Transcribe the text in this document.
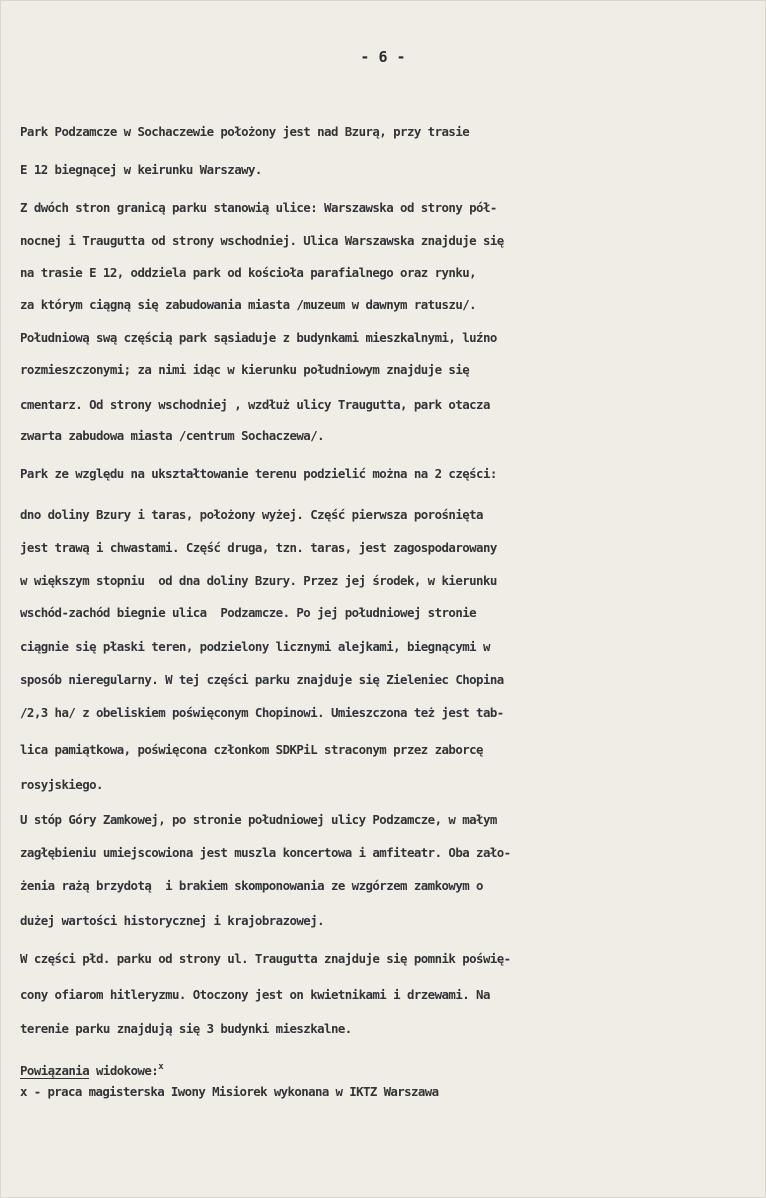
- 6 -
Park Podzamcze w Sochaczewie położony jest nad Bzurą, przy trasie
E 12 biegnącej w keirunku Warszawy.
Z dwóch stron granicą parku stanowią ulice: Warszawska od strony pół-
nocnej i Traugutta od strony wschodniej. Ulica Warszawska znajduje się
na trasie E 12, oddziela park od kościoła parafialnego oraz rynku,
za którym ciągną się zabudowania miasta /muzeum w dawnym ratuszu/.
Południową swą częścią park sąsiaduje z budynkami mieszkalnymi, luźno
rozmieszczonymi; za nimi idąc w kierunku południowym znajduje się
cmentarz. Od strony wschodniej , wzdłuż ulicy Traugutta, park otacza
zwarta zabudowa miasta /centrum Sochaczewa/.
Park ze względu na ukształtowanie terenu podzielić można na 2 części:
dno doliny Bzury i taras, położony wyżej. Część pierwsza porośnięta
jest trawą i chwastami. Część druga, tzn. taras, jest zagospodarowany
w większym stopniu  od dna doliny Bzury. Przez jej środek, w kierunku
wschód-zachód biegnie ulica  Podzamcze. Po jej południowej stronie
ciągnie się płaski teren, podzielony licznymi alejkami, biegnącymi w
sposób nieregularny. W tej części parku znajduje się Zieleniec Chopina
/2,3 ha/ z obeliskiem poświęconym Chopinowi. Umieszczona też jest tab-
lica pamiątkowa, poświęcona członkom SDKPiL straconym przez zaborcę
rosyjskiego.
U stóp Góry Zamkowej, po stronie południowej ulicy Podzamcze, w małym
zagłębieniu umiejscowiona jest muszla koncertowa i amfiteatr. Oba zało-
żenia rażą brzydotą  i brakiem skomponowania ze wzgórzem zamkowym o
dużej wartości historycznej i krajobrazowej.
W części płd. parku od strony ul. Traugutta znajduje się pomnik poświę-
cony ofiarom hitleryzmu. Otoczony jest on kwietnikami i drzewami. Na
terenie parku znajdują się 3 budynki mieszkalne.
Powiązania widokowe:$^x$
x - praca magisterska Iwony Misiorek wykonana w IKTZ Warszawa
